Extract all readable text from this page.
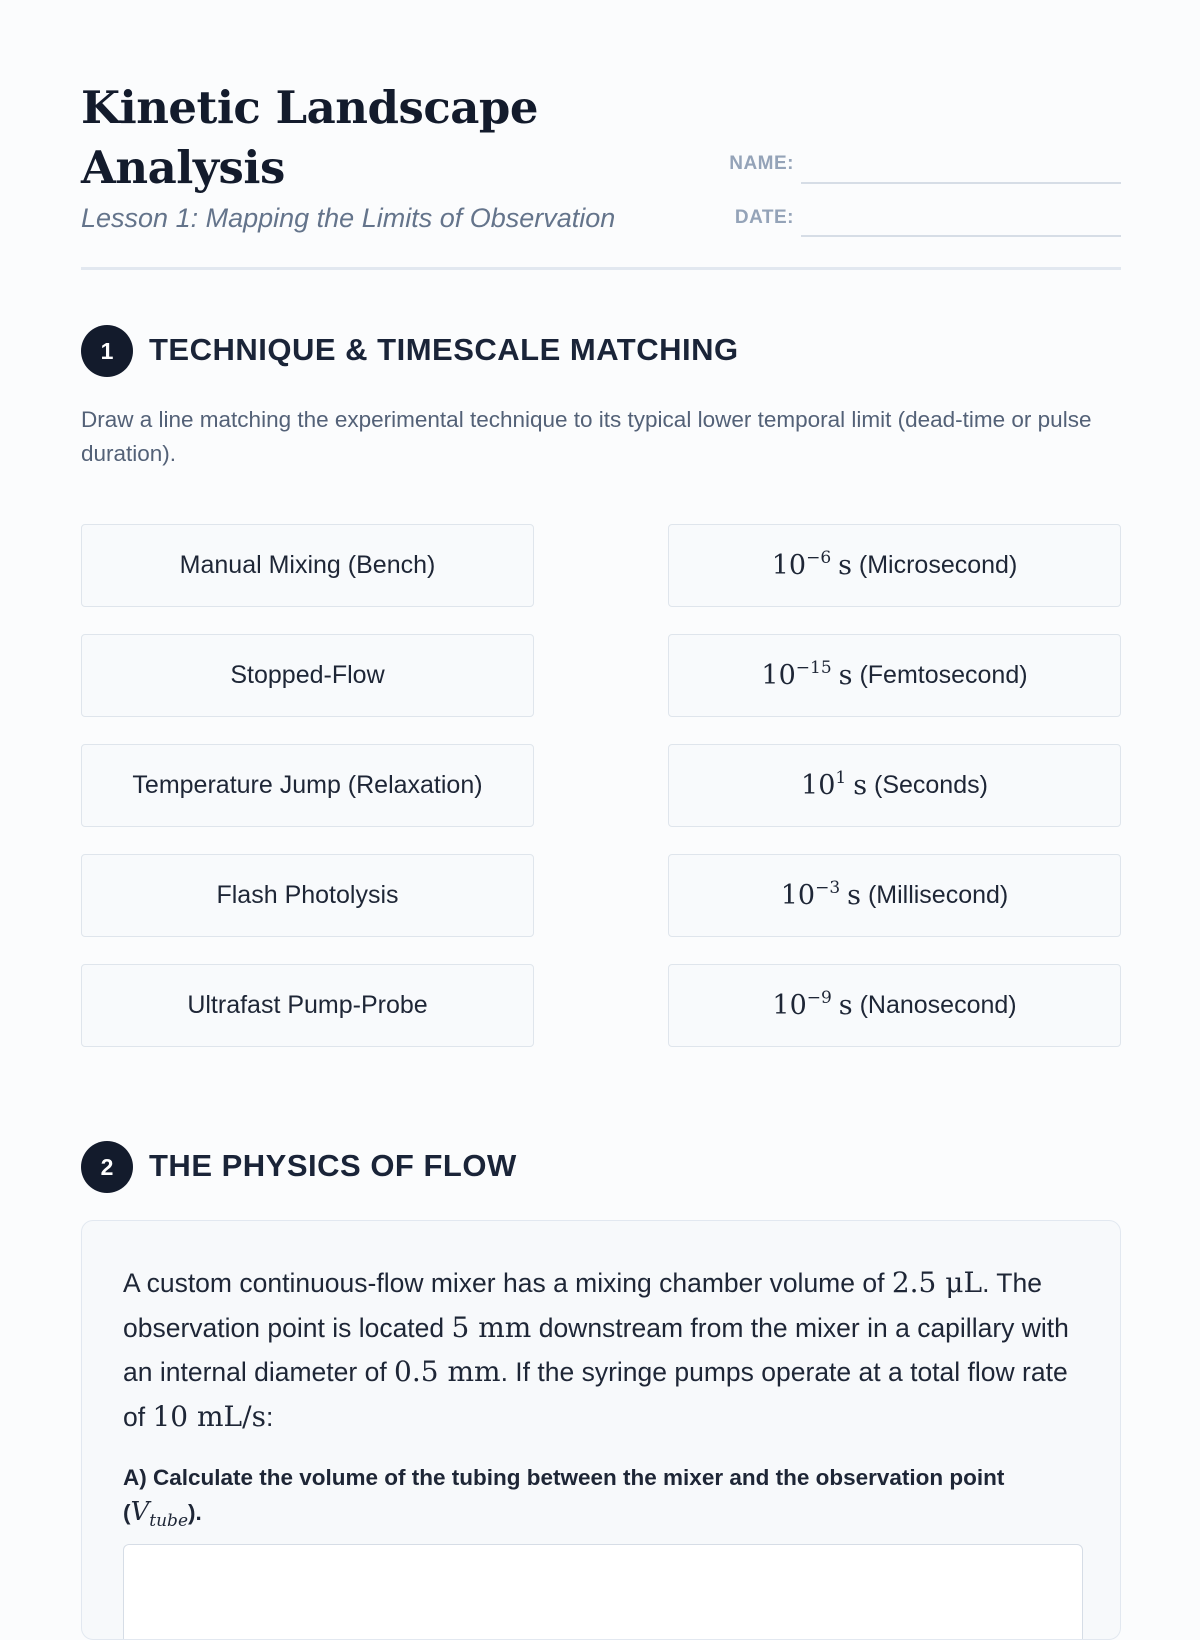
Kinetic Landscape Analysis
Lesson 1: Mapping the Limits of Observation
NAME:
DATE:
1	TECHNIQUE & TIMESCALE MATCHING
Draw a line matching the experimental technique to its typical lower temporal limit (dead-time or pulse duration).
Manual Mixing (Bench)
Stopped-Flow
Temperature Jump (Relaxation)
Flash Photolysis
Ultrafast Pump-Probe
10 $^{-6}$
s
(Microsecond)
10 $^{-15}$
s
(Femtosecond)
10 $^1$
s
(Seconds)
10 $^{-3}$
s
(Millisecond)
10 $^{-9}$
s
(Nanosecond)
2	THE PHYSICS OF FLOW
A custom continuous-flow mixer has a mixing chamber volume of 2.5 μL. The observation point is located 5 mm downstream from the mixer in a capillary with an internal diameter of 0.5 mm. If the syringe pumps operate at a total flow rate of 10 mL/s:
A) Calculate the volume of the tubing between the mixer and the observation point $(V_{tube})$.
